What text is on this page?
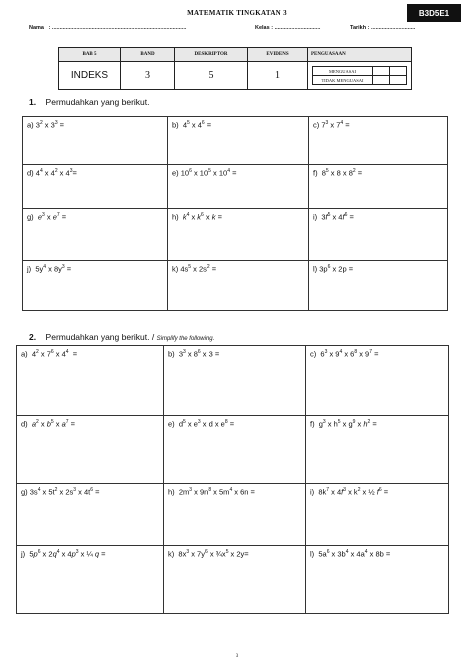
MATEMATIK TINGKATAN 3	B3D5E1
Nama   : ........................................................................................	Kelas : ..............................	Tarikh : .............................
BAB 5	BAND	DESKRIPTOR	EVIDENS	PENGUASAAN
INDEKS	3	5	1		MENGUASAI		
TIDAK MENGUASAI		
1. Permudahkan yang berikut.
a) $3^2$ x $3^3$ =	b)  $4^5$ x $4^6$ =	c) $7^3$ x $7^4$ =
d) $4^4$ x $4^2$ x $4^3=$	e) $10^6$ x $10^5$ x $10^4$ =	f)  $8^5$ x 8 x $8^2$ =
g)  $e^3$ x $e^7$ =	h)  $k^4$ x $k^6$ x k =	i)  $3f^5$ x $4f^6$ =
j)  $5y^4$ x $8y^3$ =	k) $4s^5$ x $2s^2$ =	l) $3p^6$ x 2p =
2. Permudahkan yang berikut. / Simplify the following.
a)  $4^2$ x $7^6$ x $4^4$  =	b)  $3^3$ x $8^6$ x 3 =	c)  $6^3$ x $9^4$ x $6^8$ x $9^7$ =
d)  $a^2$ x $b^5$ x $a^7$ =	e)  $d^5$ x $e^3$ x d x $e^8$ =	f)  $g^3$ x $h^5$ x $g^9$ x $h^2$ =
g) $3s^4$ x $5t^2$ x $2s^3$ x $4t^6$ =	h)  $2m^3$ x $9n^8$ x $5m^4$ x 6n =	i)  $8k^7$ x $4f^3$ x $k^2$ x ½ $f^6$ =
j)  $5p^6$ x $2q^4$ x $4p^3$ x ¼ q =	k)  $8x^3$ x $7y^6$ x $\frac{3}{4}x^5$ x 2y=	l)  $5a^6$ x $3b^4$ x $4a^4$ x 8b =
3
